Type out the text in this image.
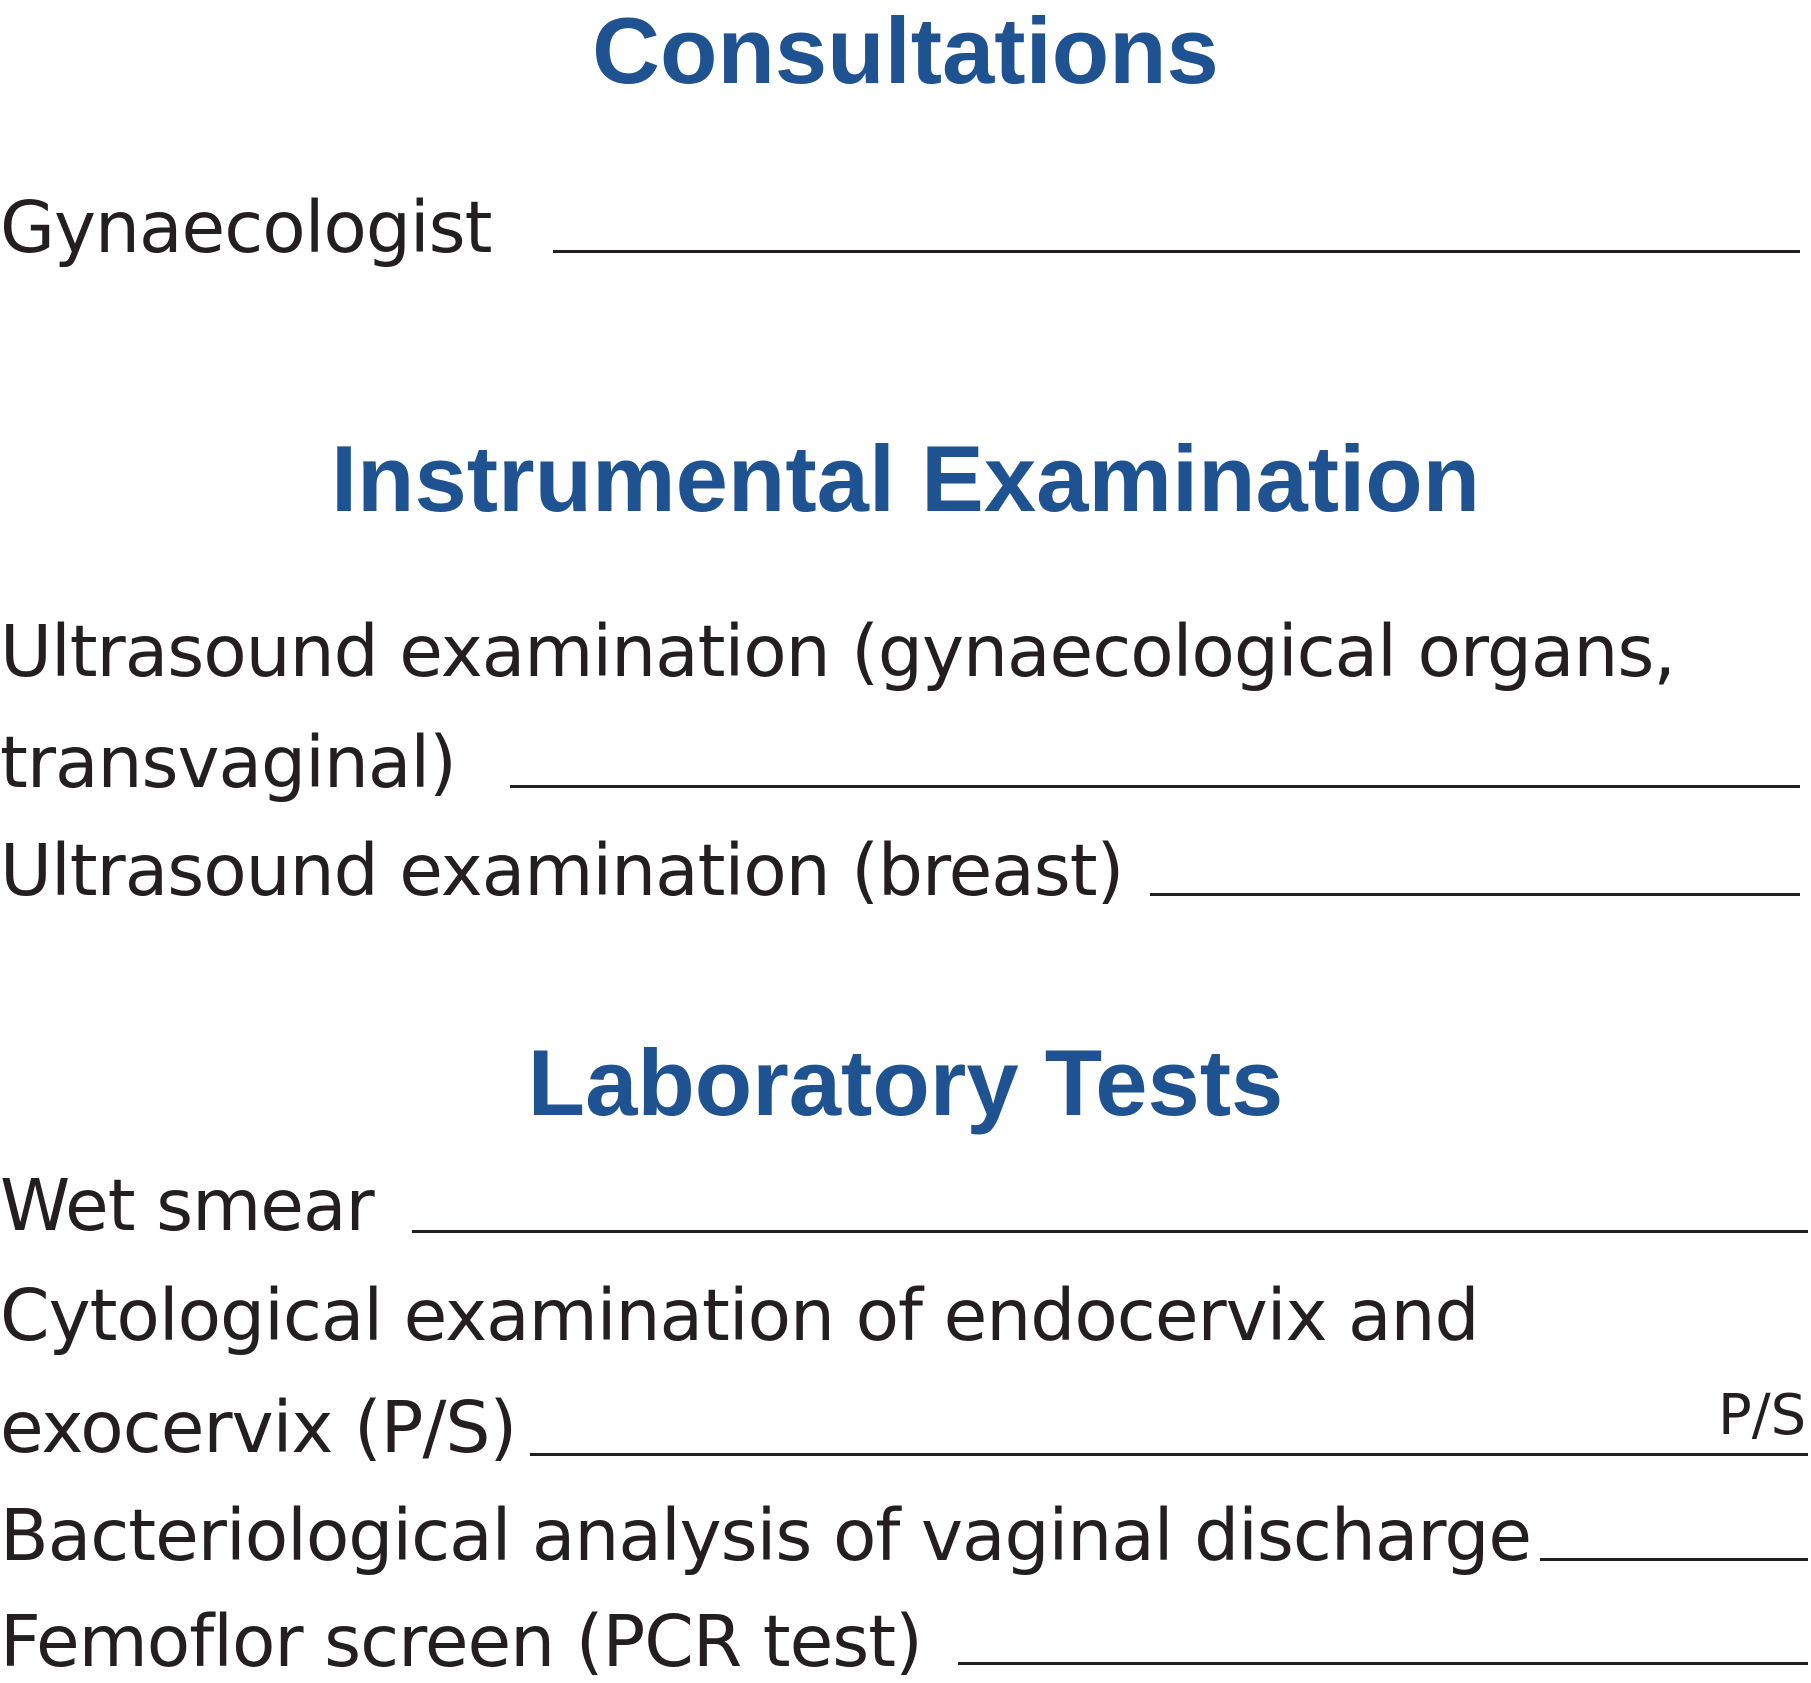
Consultations
Gynaecologist
Instrumental Examination
Ultrasound examination (gynaecological organs,
transvaginal)
Ultrasound examination (breast)
Laboratory Tests
Wet smear
Cytological examination of endocervix and
exocervix (P/S)	P/S
Bacteriological analysis of vaginal discharge
Femoflor screen (PCR test)
